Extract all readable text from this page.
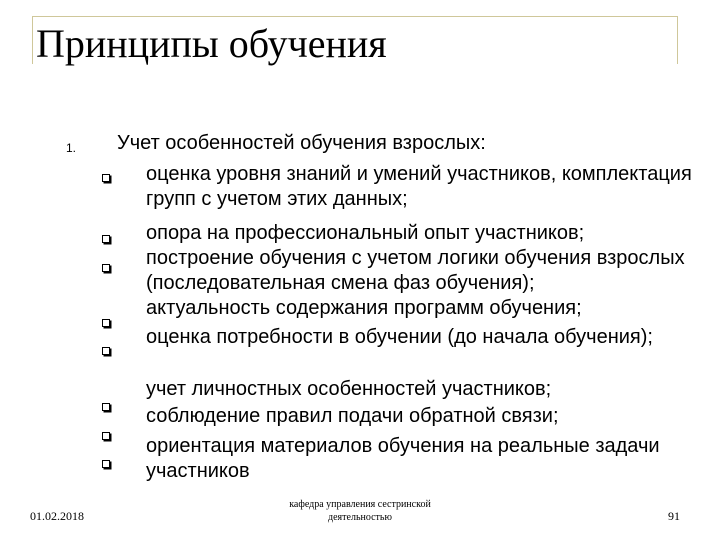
Принципы обучения
1. Учет особенностей обучения взрослых:
оценка уровня знаний и умений участников, комплектация групп с учетом этих данных;
опора на профессиональный опыт участников;
построение обучения с учетом логики обучения взрослых (последовательная смена фаз обучения);
актуальность содержания программ обучения;
оценка потребности в обучении (до начала обучения);
учет личностных особенностей участников;
соблюдение правил подачи обратной связи;
ориентация материалов обучения на реальные задачи участников
01.02.2018
кафедра управления сестринской деятельностью	91
